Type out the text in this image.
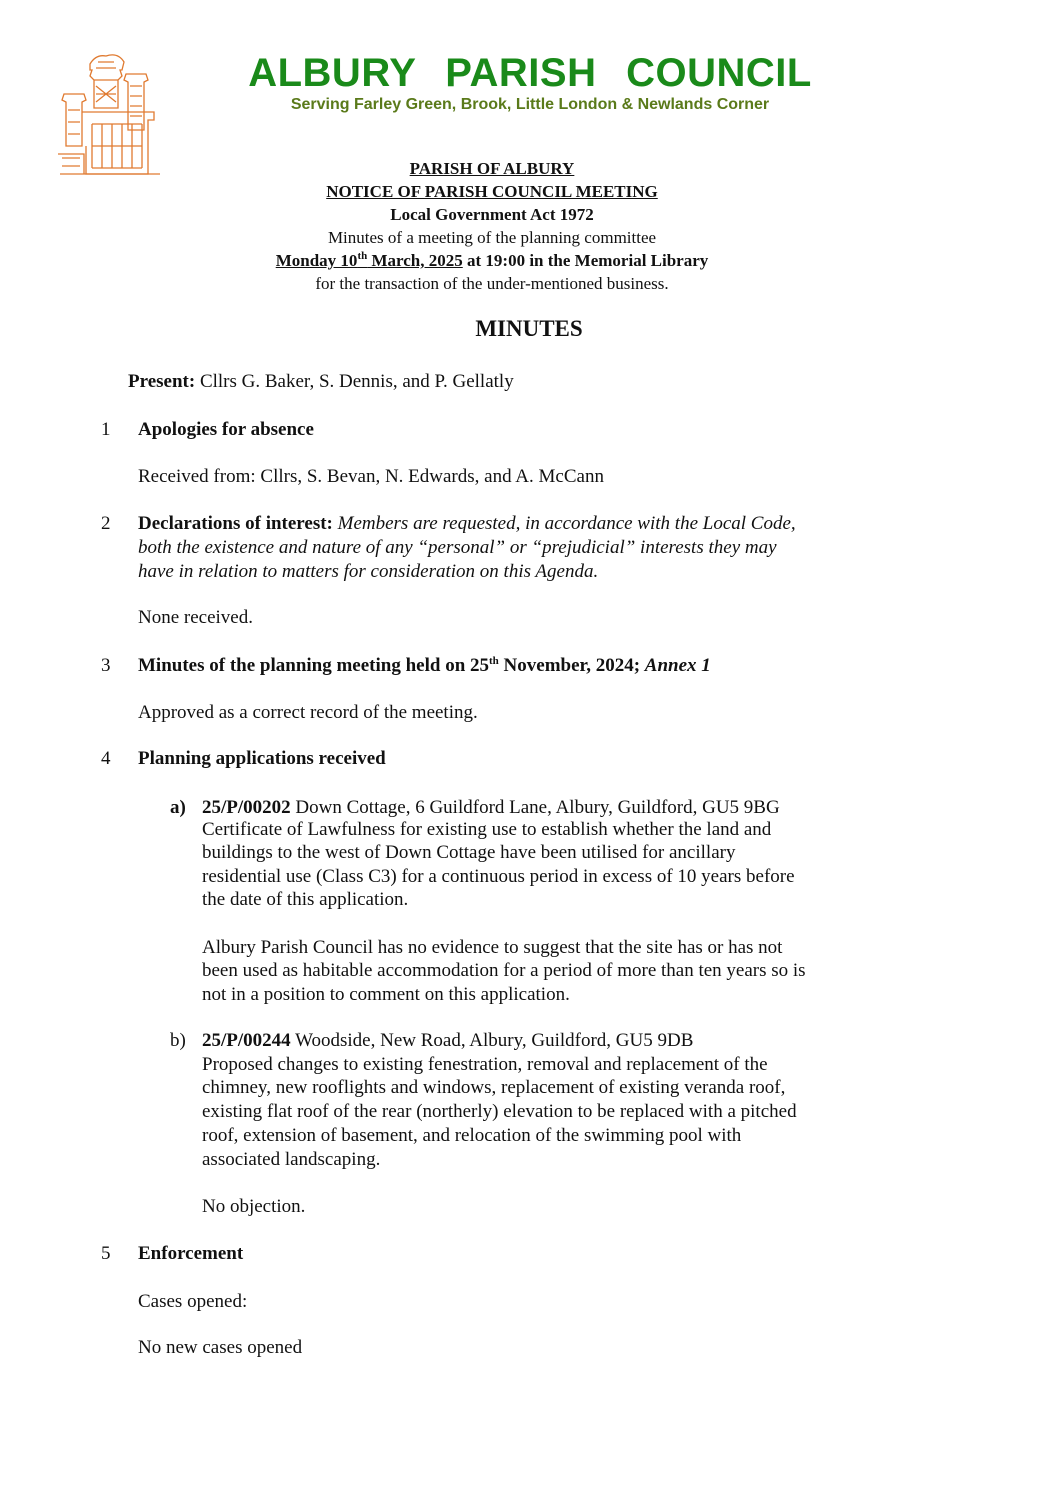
ALBURY PARISH COUNCIL
Serving Farley Green, Brook, Little London & Newlands Corner
PARISH OF ALBURY
NOTICE OF PARISH COUNCIL MEETING
Local Government Act 1972
Minutes of a meeting of the planning committee
Monday 10th March, 2025 at 19:00 in the Memorial Library
for the transaction of the under-mentioned business.
MINUTES
Present: Cllrs G. Baker, S. Dennis, and P. Gellatly
1 Apologies for absence
Received from: Cllrs, S. Bevan, N. Edwards, and A. McCann
2 Declarations of interest: Members are requested, in accordance with the Local Code,
both the existence and nature of any “personal” or “prejudicial” interests they may
have in relation to matters for consideration on this Agenda.
None received.
3 Minutes of the planning meeting held on 25th November, 2024; Annex 1
Approved as a correct record of the meeting.
4 Planning applications received
a) 25/P/00202 Down Cottage, 6 Guildford Lane, Albury, Guildford, GU5 9BG
Certificate of Lawfulness for existing use to establish whether the land and
buildings to the west of Down Cottage have been utilised for ancillary
residential use (Class C3) for a continuous period in excess of 10 years before
the date of this application.
Albury Parish Council has no evidence to suggest that the site has or has not
been used as habitable accommodation for a period of more than ten years so is
not in a position to comment on this application.
b) 25/P/00244 Woodside, New Road, Albury, Guildford, GU5 9DB
Proposed changes to existing fenestration, removal and replacement of the
chimney, new rooflights and windows, replacement of existing veranda roof,
existing flat roof of the rear (northerly) elevation to be replaced with a pitched
roof, extension of basement, and relocation of the swimming pool with
associated landscaping.
No objection.
5 Enforcement
Cases opened:
No new cases opened
